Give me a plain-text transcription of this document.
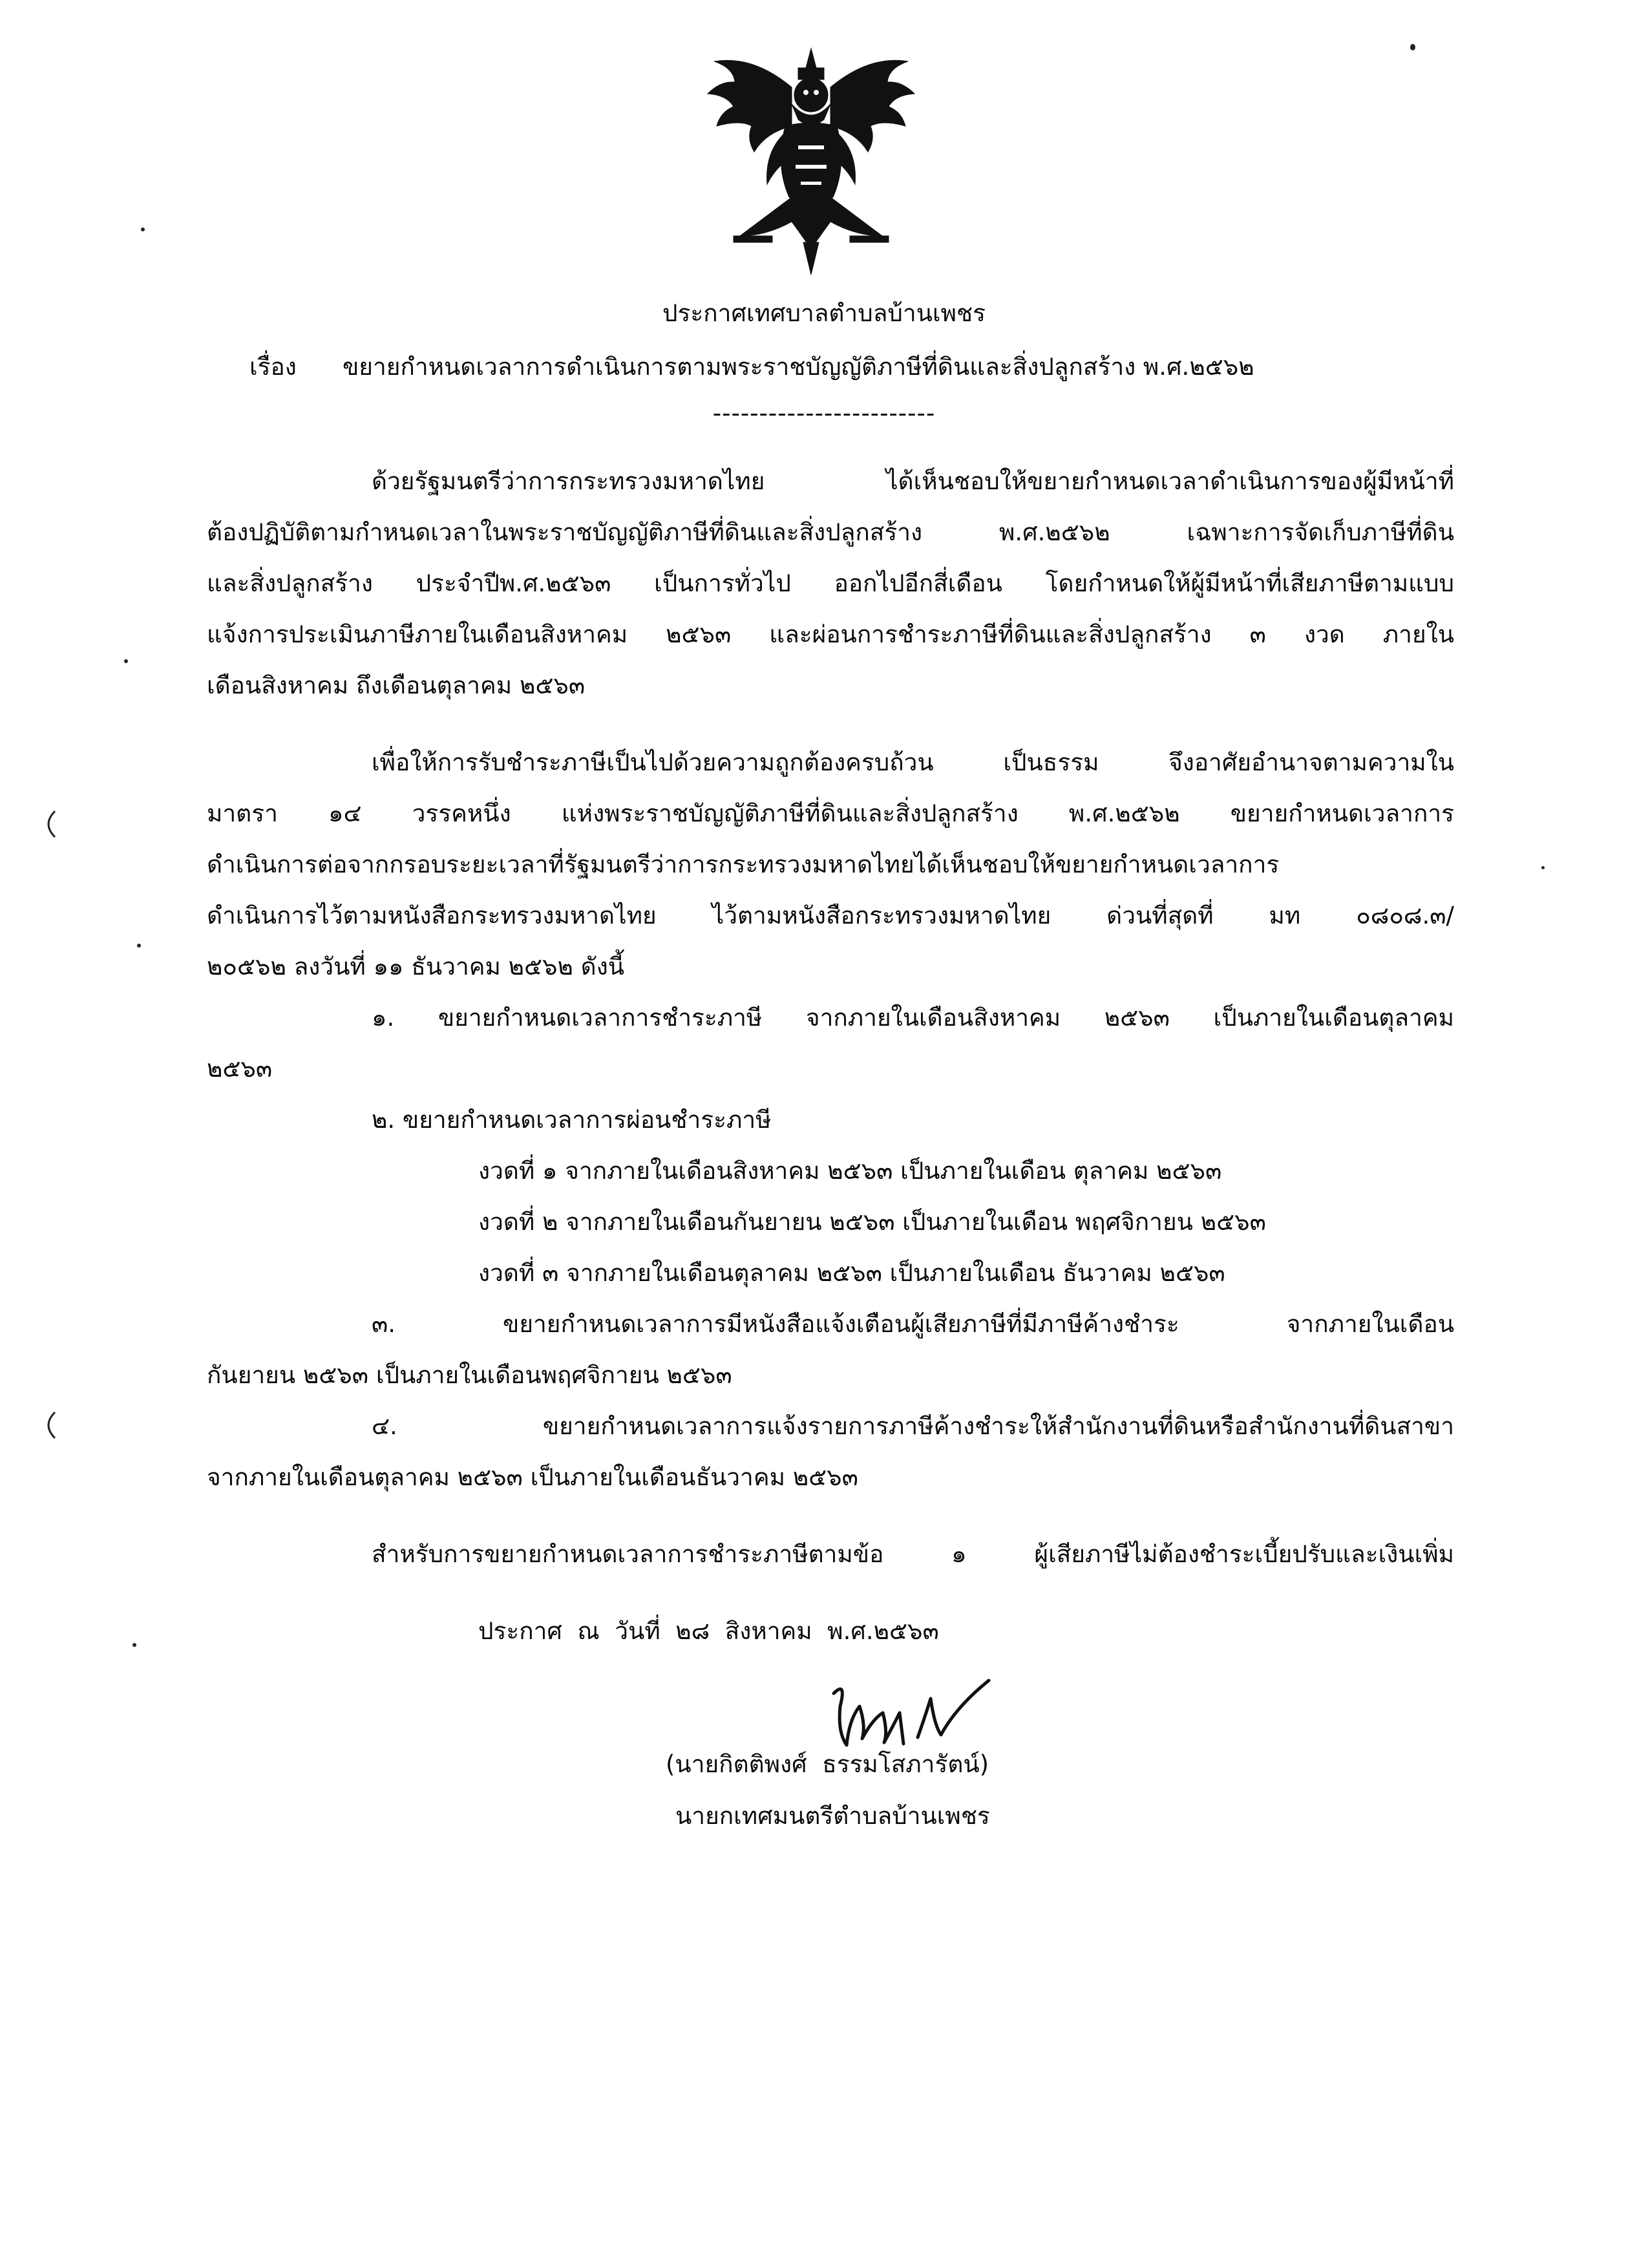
ประกาศเทศบาลตำบลบ้านเพชร
เรื่อง ขยายกำหนดเวลาการดำเนินการตามพระราชบัญญัติภาษีที่ดินและสิ่งปลูกสร้าง พ.ศ.๒๕๖๒
------------------------
ด้วยรัฐมนตรีว่าการกระทรวงมหาดไทย ได้เห็นชอบให้ขยายกำหนดเวลาดำเนินการของผู้มีหน้าที่
ต้องปฏิบัติตามกำหนดเวลาในพระราชบัญญัติภาษีที่ดินและสิ่งปลูกสร้าง พ.ศ.๒๕๖๒ เฉพาะการจัดเก็บภาษีที่ดิน
และสิ่งปลูกสร้าง ประจำปีพ.ศ.๒๕๖๓ เป็นการทั่วไป ออกไปอีกสี่เดือน โดยกำหนดให้ผู้มีหน้าที่เสียภาษีตามแบบ
แจ้งการประเมินภาษีภายในเดือนสิงหาคม ๒๕๖๓ และผ่อนการชำระภาษีที่ดินและสิ่งปลูกสร้าง ๓ งวด ภายใน
เดือนสิงหาคม ถึงเดือนตุลาคม ๒๕๖๓
เพื่อให้การรับชำระภาษีเป็นไปด้วยความถูกต้องครบถ้วน เป็นธรรม จึงอาศัยอำนาจตามความใน
มาตรา ๑๔ วรรคหนึ่ง แห่งพระราชบัญญัติภาษีที่ดินและสิ่งปลูกสร้าง พ.ศ.๒๕๖๒ ขยายกำหนดเวลาการ
ดำเนินการต่อจากกรอบระยะเวลาที่รัฐมนตรีว่าการกระทรวงมหาดไทยได้เห็นชอบให้ขยายกำหนดเวลาการ
ดำเนินการไว้ตามหนังสือกระทรวงมหาดไทย ไว้ตามหนังสือกระทรวงมหาดไทย ด่วนที่สุดที่ มท ๐๘๐๘.๓/
๒๐๕๖๒ ลงวันที่ ๑๑ ธันวาคม ๒๕๖๒ ดังนี้
๑. ขยายกำหนดเวลาการชำระภาษี จากภายในเดือนสิงหาคม ๒๕๖๓ เป็นภายในเดือนตุลาคม
๒๕๖๓
๒. ขยายกำหนดเวลาการผ่อนชำระภาษี
งวดที่ ๑ จากภายในเดือนสิงหาคม ๒๕๖๓ เป็นภายในเดือน ตุลาคม ๒๕๖๓
งวดที่ ๒ จากภายในเดือนกันยายน ๒๕๖๓ เป็นภายในเดือน พฤศจิกายน ๒๕๖๓
งวดที่ ๓ จากภายในเดือนตุลาคม ๒๕๖๓ เป็นภายในเดือน ธันวาคม ๒๕๖๓
๓. ขยายกำหนดเวลาการมีหนังสือแจ้งเตือนผู้เสียภาษีที่มีภาษีค้างชำระ จากภายในเดือน
กันยายน ๒๕๖๓ เป็นภายในเดือนพฤศจิกายน ๒๕๖๓
๔. ขยายกำหนดเวลาการแจ้งรายการภาษีค้างชำระให้สำนักงานที่ดินหรือสำนักงานที่ดินสาขา
จากภายในเดือนตุลาคม ๒๕๖๓ เป็นภายในเดือนธันวาคม ๒๕๖๓
สำหรับการขยายกำหนดเวลาการชำระภาษีตามข้อ ๑ ผู้เสียภาษีไม่ต้องชำระเบี้ยปรับและเงินเพิ่ม
ประกาศ  ณ  วันที่  ๒๘  สิงหาคม  พ.ศ.๒๕๖๓
(นายกิตติพงศ์  ธรรมโสภารัตน์)
นายกเทศมนตรีตำบลบ้านเพชร
